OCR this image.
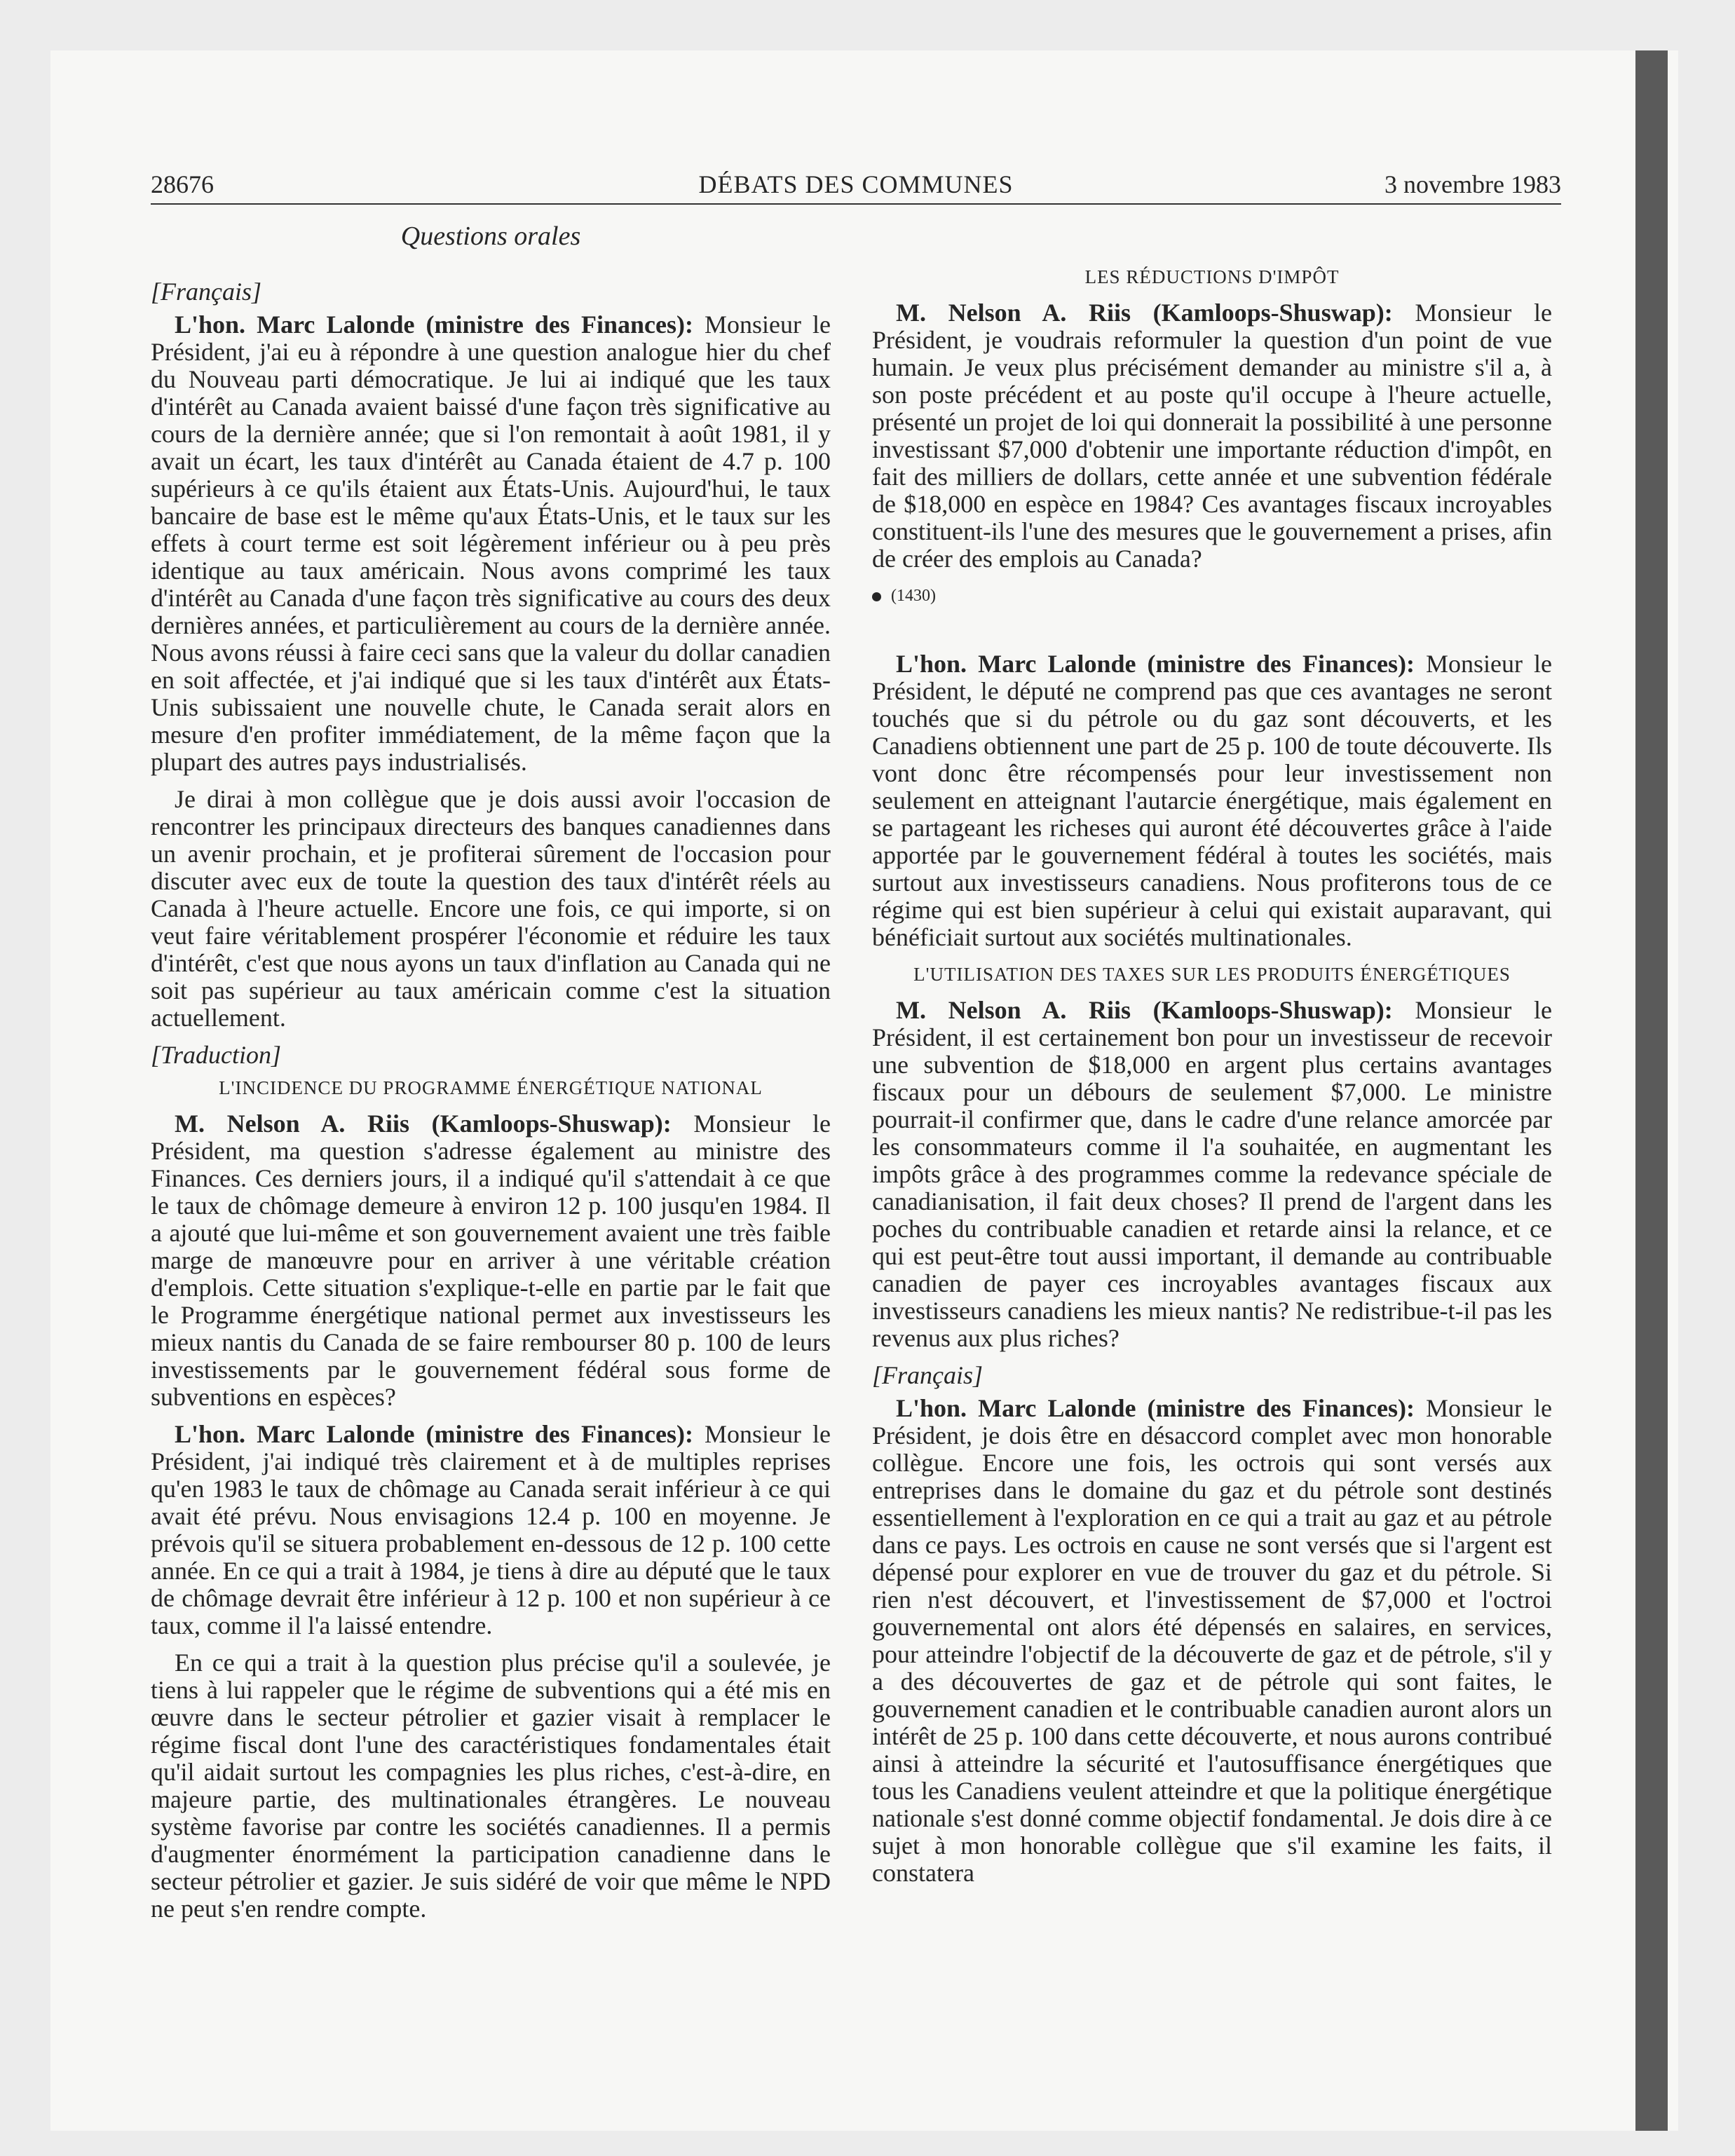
28676	DÉBATS DES COMMUNES	3 novembre 1983
Questions orales

[Français]

L'hon. Marc Lalonde (ministre des Finances): Monsieur le Président, j'ai eu à répondre à une question analogue hier du chef du Nouveau parti démocratique. Je lui ai indiqué que les taux d'intérêt au Canada avaient baissé d'une façon très significative au cours de la dernière année; que si l'on remontait à août 1981, il y avait un écart, les taux d'intérêt au Canada étaient de 4.7 p. 100 supérieurs à ce qu'ils étaient aux États-Unis. Aujourd'hui, le taux bancaire de base est le même qu'aux États-Unis, et le taux sur les effets à court terme est soit légèrement inférieur ou à peu près identique au taux américain. Nous avons comprimé les taux d'intérêt au Canada d'une façon très significative au cours des deux dernières années, et particulièrement au cours de la dernière année. Nous avons réussi à faire ceci sans que la valeur du dollar canadien en soit affectée, et j'ai indiqué que si les taux d'intérêt aux États-Unis subissaient une nouvelle chute, le Canada serait alors en mesure d'en profiter immédiatement, de la même façon que la plupart des autres pays industrialisés.

Je dirai à mon collègue que je dois aussi avoir l'occasion de rencontrer les principaux directeurs des banques canadiennes dans un avenir prochain, et je profiterai sûrement de l'occasion pour discuter avec eux de toute la question des taux d'intérêt réels au Canada à l'heure actuelle. Encore une fois, ce qui importe, si on veut faire véritablement prospérer l'économie et réduire les taux d'intérêt, c'est que nous ayons un taux d'inflation au Canada qui ne soit pas supérieur au taux américain comme c'est la situation actuellement.

[Traduction]

L'INCIDENCE DU PROGRAMME ÉNERGÉTIQUE NATIONAL

M. Nelson A. Riis (Kamloops-Shuswap): Monsieur le Président, ma question s'adresse également au ministre des Finances. Ces derniers jours, il a indiqué qu'il s'attendait à ce que le taux de chômage demeure à environ 12 p. 100 jusqu'en 1984. Il a ajouté que lui-même et son gouvernement avaient une très faible marge de manœuvre pour en arriver à une véritable création d'emplois. Cette situation s'explique-t-elle en partie par le fait que le Programme énergétique national permet aux investisseurs les mieux nantis du Canada de se faire rembourser 80 p. 100 de leurs investissements par le gouvernement fédéral sous forme de subventions en espèces?

L'hon. Marc Lalonde (ministre des Finances): Monsieur le Président, j'ai indiqué très clairement et à de multiples reprises qu'en 1983 le taux de chômage au Canada serait inférieur à ce qui avait été prévu. Nous envisagions 12.4 p. 100 en moyenne. Je prévois qu'il se situera probablement en-dessous de 12 p. 100 cette année. En ce qui a trait à 1984, je tiens à dire au député que le taux de chômage devrait être inférieur à 12 p. 100 et non supérieur à ce taux, comme il l'a laissé entendre.

En ce qui a trait à la question plus précise qu'il a soulevée, je tiens à lui rappeler que le régime de subventions qui a été mis en œuvre dans le secteur pétrolier et gazier visait à remplacer le régime fiscal dont l'une des caractéristiques fondamentales était qu'il aidait surtout les compagnies les plus riches, c'est-à-dire, en majeure partie, des multinationales étrangères. Le nouveau système favorise par contre les sociétés canadiennes. Il a permis d'augmenter énormément la participation canadienne dans le secteur pétrolier et gazier. Je suis sidéré de voir que même le NPD ne peut s'en rendre compte.

LES RÉDUCTIONS D'IMPÔT

M. Nelson A. Riis (Kamloops-Shuswap): Monsieur le Président, je voudrais reformuler la question d'un point de vue humain. Je veux plus précisément demander au ministre s'il a, à son poste précédent et au poste qu'il occupe à l'heure actuelle, présenté un projet de loi qui donnerait la possibilité à une personne investissant $7,000 d'obtenir une importante réduction d'impôt, en fait des milliers de dollars, cette année et une subvention fédérale de $18,000 en espèce en 1984? Ces avantages fiscaux incroyables constituent-ils l'une des mesures que le gouvernement a prises, afin de créer des emplois au Canada?

(1430)

L'hon. Marc Lalonde (ministre des Finances): Monsieur le Président, le député ne comprend pas que ces avantages ne seront touchés que si du pétrole ou du gaz sont découverts, et les Canadiens obtiennent une part de 25 p. 100 de toute découverte. Ils vont donc être récompensés pour leur investissement non seulement en atteignant l'autarcie énergétique, mais également en se partageant les richeses qui auront été découvertes grâce à l'aide apportée par le gouvernement fédéral à toutes les sociétés, mais surtout aux investisseurs canadiens. Nous profiterons tous de ce régime qui est bien supérieur à celui qui existait auparavant, qui bénéficiait surtout aux sociétés multinationales.

L'UTILISATION DES TAXES SUR LES PRODUITS ÉNERGÉTIQUES

M. Nelson A. Riis (Kamloops-Shuswap): Monsieur le Président, il est certainement bon pour un investisseur de recevoir une subvention de $18,000 en argent plus certains avantages fiscaux pour un débours de seulement $7,000. Le ministre pourrait-il confirmer que, dans le cadre d'une relance amorcée par les consommateurs comme il l'a souhaitée, en augmentant les impôts grâce à des programmes comme la redevance spéciale de canadianisation, il fait deux choses? Il prend de l'argent dans les poches du contribuable canadien et retarde ainsi la relance, et ce qui est peut-être tout aussi important, il demande au contribuable canadien de payer ces incroyables avantages fiscaux aux investisseurs canadiens les mieux nantis? Ne redistribue-t-il pas les revenus aux plus riches?

[Français]

L'hon. Marc Lalonde (ministre des Finances): Monsieur le Président, je dois être en désaccord complet avec mon honorable collègue. Encore une fois, les octrois qui sont versés aux entreprises dans le domaine du gaz et du pétrole sont destinés essentiellement à l'exploration en ce qui a trait au gaz et au pétrole dans ce pays. Les octrois en cause ne sont versés que si l'argent est dépensé pour explorer en vue de trouver du gaz et du pétrole. Si rien n'est découvert, et l'investissement de $7,000 et l'octroi gouvernemental ont alors été dépensés en salaires, en services, pour atteindre l'objectif de la découverte de gaz et de pétrole, s'il y a des découvertes de gaz et de pétrole qui sont faites, le gouvernement canadien et le contribuable canadien auront alors un intérêt de 25 p. 100 dans cette découverte, et nous aurons contribué ainsi à atteindre la sécurité et l'autosuffisance énergétiques que tous les Canadiens veulent atteindre et que la politique énergétique nationale s'est donné comme objectif fondamental. Je dois dire à ce sujet à mon honorable collègue que s'il examine les faits, il constatera
